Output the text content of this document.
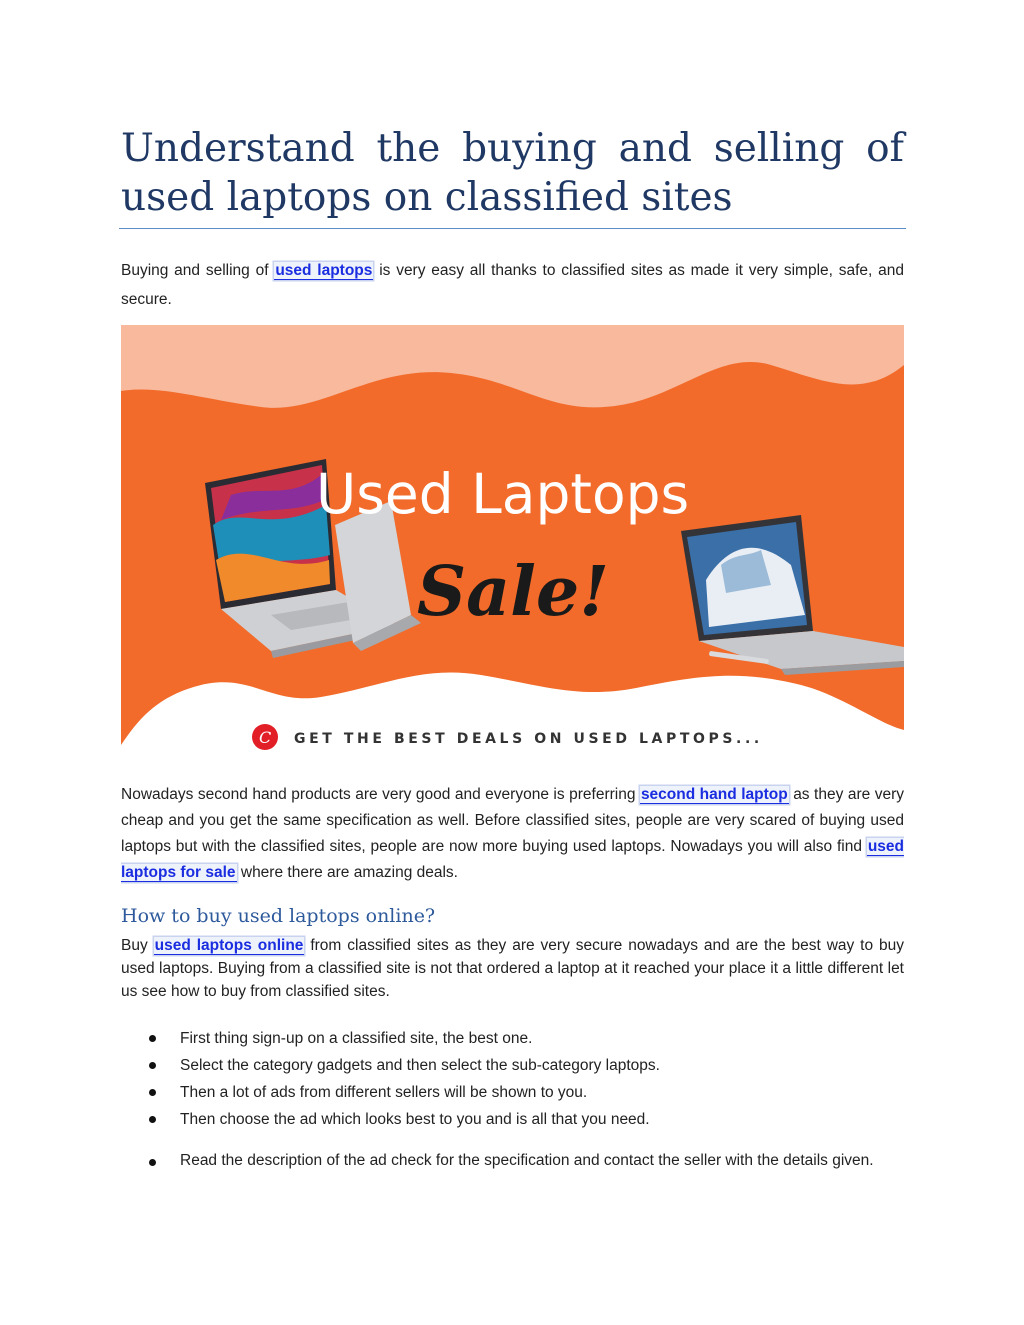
Understand the buying and selling of used laptops on classified sites

Buying and selling of used laptops is very easy all thanks to classified sites as made it very simple, safe, and secure.

Used Laptops
Sale!
C GET THE BEST DEALS ON USED LAPTOPS...

Nowadays second hand products are very good and everyone is preferring second hand laptop as they are very cheap and you get the same specification as well. Before classified sites, people are very scared of buying used laptops but with the classified sites, people are now more buying used laptops. Nowadays you will also find used laptops for sale where there are amazing deals.

How to buy used laptops online?

Buy used laptops online from classified sites as they are very secure nowadays and are the best way to buy used laptops. Buying from a classified site is not that ordered a laptop at it reached your place it a little different let us see how to buy from classified sites.

First thing sign-up on a classified site, the best one.
Select the category gadgets and then select the sub-category laptops.
Then a lot of ads from different sellers will be shown to you.
Then choose the ad which looks best to you and is all that you need.
Read the description of the ad check for the specification and contact the seller with the details given.
